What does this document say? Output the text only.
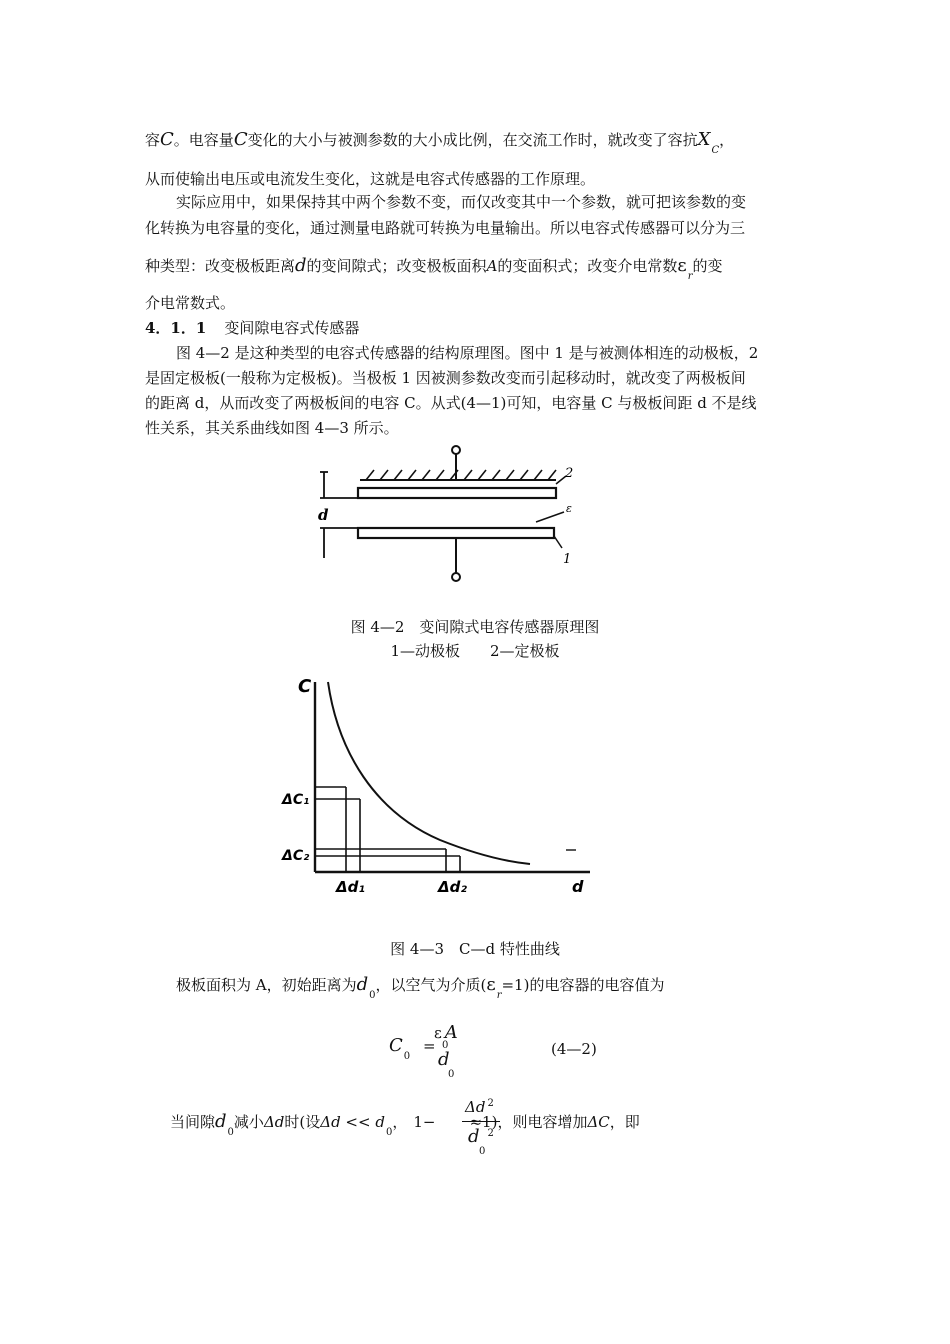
容C。电容量C变化的大小与被测参数的大小成比例，在交流工作时，就改变了容抗$X_C$，
从而使输出电压或电流发生变化，这就是电容式传感器的工作原理。
实际应用中，如果保持其中两个参数不变，而仅改变其中一个参数，就可把该参数的变
化转换为电容量的变化，通过测量电路就可转换为电量输出。所以电容式传感器可以分为三
种类型：改变极板距离d的变间隙式；改变极板面积A的变面积式；改变介电常数$\varepsilon_r$的变
介电常数式。
4．1．1 变间隙电容式传感器
图 4—2 是这种类型的电容式传感器的结构原理图。图中 1 是与被测体相连的动极板，2
是固定极板(一般称为定极板)。当极板 1 因被测参数改变而引起移动时，就改变了两极板间
的距离 d，从而改变了两极板间的电容 C。从式(4—1)可知，电容量 C 与极板间距 d 不是线
性关系，其关系曲线如图 4—3 所示。
d
2
ε
1
图 4—2　变间隙式电容传感器原理图
1—动极板　　2—定极板
C
ΔC₁
ΔC₂
Δd₁	Δd₂	d
图 4—3　C—d 特性曲线
极板面积为 A，初始距离为$d_0$，以空气为介质$(\varepsilon_r=1)$的电容器的电容值为
$C_0$ =
ε A
0
d
0
(4—2)
当间隙$d_0$减小Δd时(设$\Delta d << d_0$， 1− ≈1)，则电容增加ΔC，即
Δd $^2$
d $^2$
0
